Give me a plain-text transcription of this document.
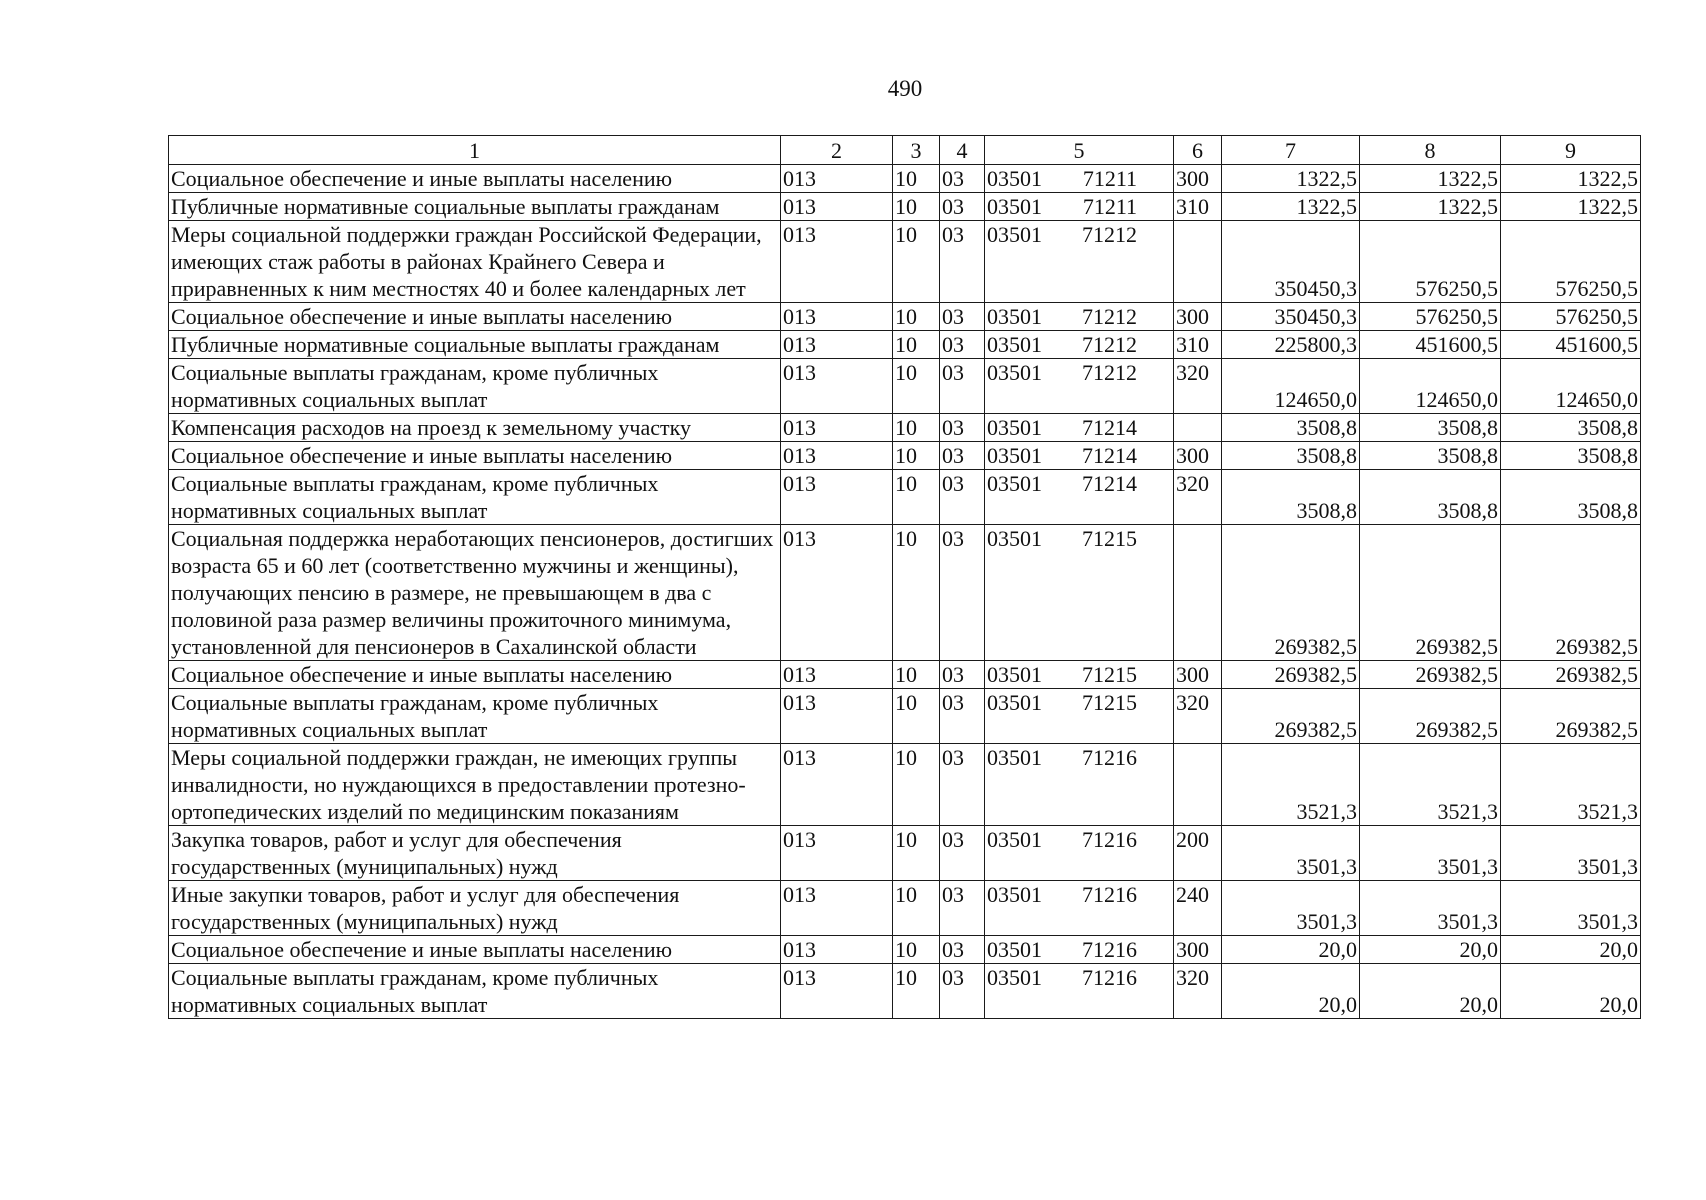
490
1	2	3	4	5	6	7	8	9
Социальное обеспечение и иные выплаты населению	013	10	03	03501 71211	300	1322,5	1322,5	1322,5
Публичные нормативные социальные выплаты гражданам	013	10	03	03501 71211	310	1322,5	1322,5	1322,5
Меры социальной поддержки граждан Российской Федерации, имеющих стаж работы в районах Крайнего Севера и приравненных к ним местностях 40 и более календарных лет	013	10	03	03501 71212		350450,3	576250,5	576250,5
Социальное обеспечение и иные выплаты населению	013	10	03	03501 71212	300	350450,3	576250,5	576250,5
Публичные нормативные социальные выплаты гражданам	013	10	03	03501 71212	310	225800,3	451600,5	451600,5
Социальные выплаты гражданам, кроме публичных нормативных социальных выплат	013	10	03	03501 71212	320	124650,0	124650,0	124650,0
Компенсация расходов на проезд к земельному участку	013	10	03	03501 71214		3508,8	3508,8	3508,8
Социальное обеспечение и иные выплаты населению	013	10	03	03501 71214	300	3508,8	3508,8	3508,8
Социальные выплаты гражданам, кроме публичных нормативных социальных выплат	013	10	03	03501 71214	320	3508,8	3508,8	3508,8
Социальная поддержка неработающих пенсионеров, достигших возраста 65 и 60 лет (соответственно мужчины и женщины), получающих пенсию в размере, не превышающем в два с половиной раза размер величины прожиточного минимума, установленной для пенсионеров в Сахалинской области	013	10	03	03501 71215		269382,5	269382,5	269382,5
Социальное обеспечение и иные выплаты населению	013	10	03	03501 71215	300	269382,5	269382,5	269382,5
Социальные выплаты гражданам, кроме публичных нормативных социальных выплат	013	10	03	03501 71215	320	269382,5	269382,5	269382,5
Меры социальной поддержки граждан, не имеющих группы инвалидности, но нуждающихся в предоставлении протезно-ортопедических изделий по медицинским показаниям	013	10	03	03501 71216		3521,3	3521,3	3521,3
Закупка товаров, работ и услуг для обеспечения государственных (муниципальных) нужд	013	10	03	03501 71216	200	3501,3	3501,3	3501,3
Иные закупки товаров, работ и услуг для обеспечения государственных (муниципальных) нужд	013	10	03	03501 71216	240	3501,3	3501,3	3501,3
Социальное обеспечение и иные выплаты населению	013	10	03	03501 71216	300	20,0	20,0	20,0
Социальные выплаты гражданам, кроме публичных нормативных социальных выплат	013	10	03	03501 71216	320	20,0	20,0	20,0
